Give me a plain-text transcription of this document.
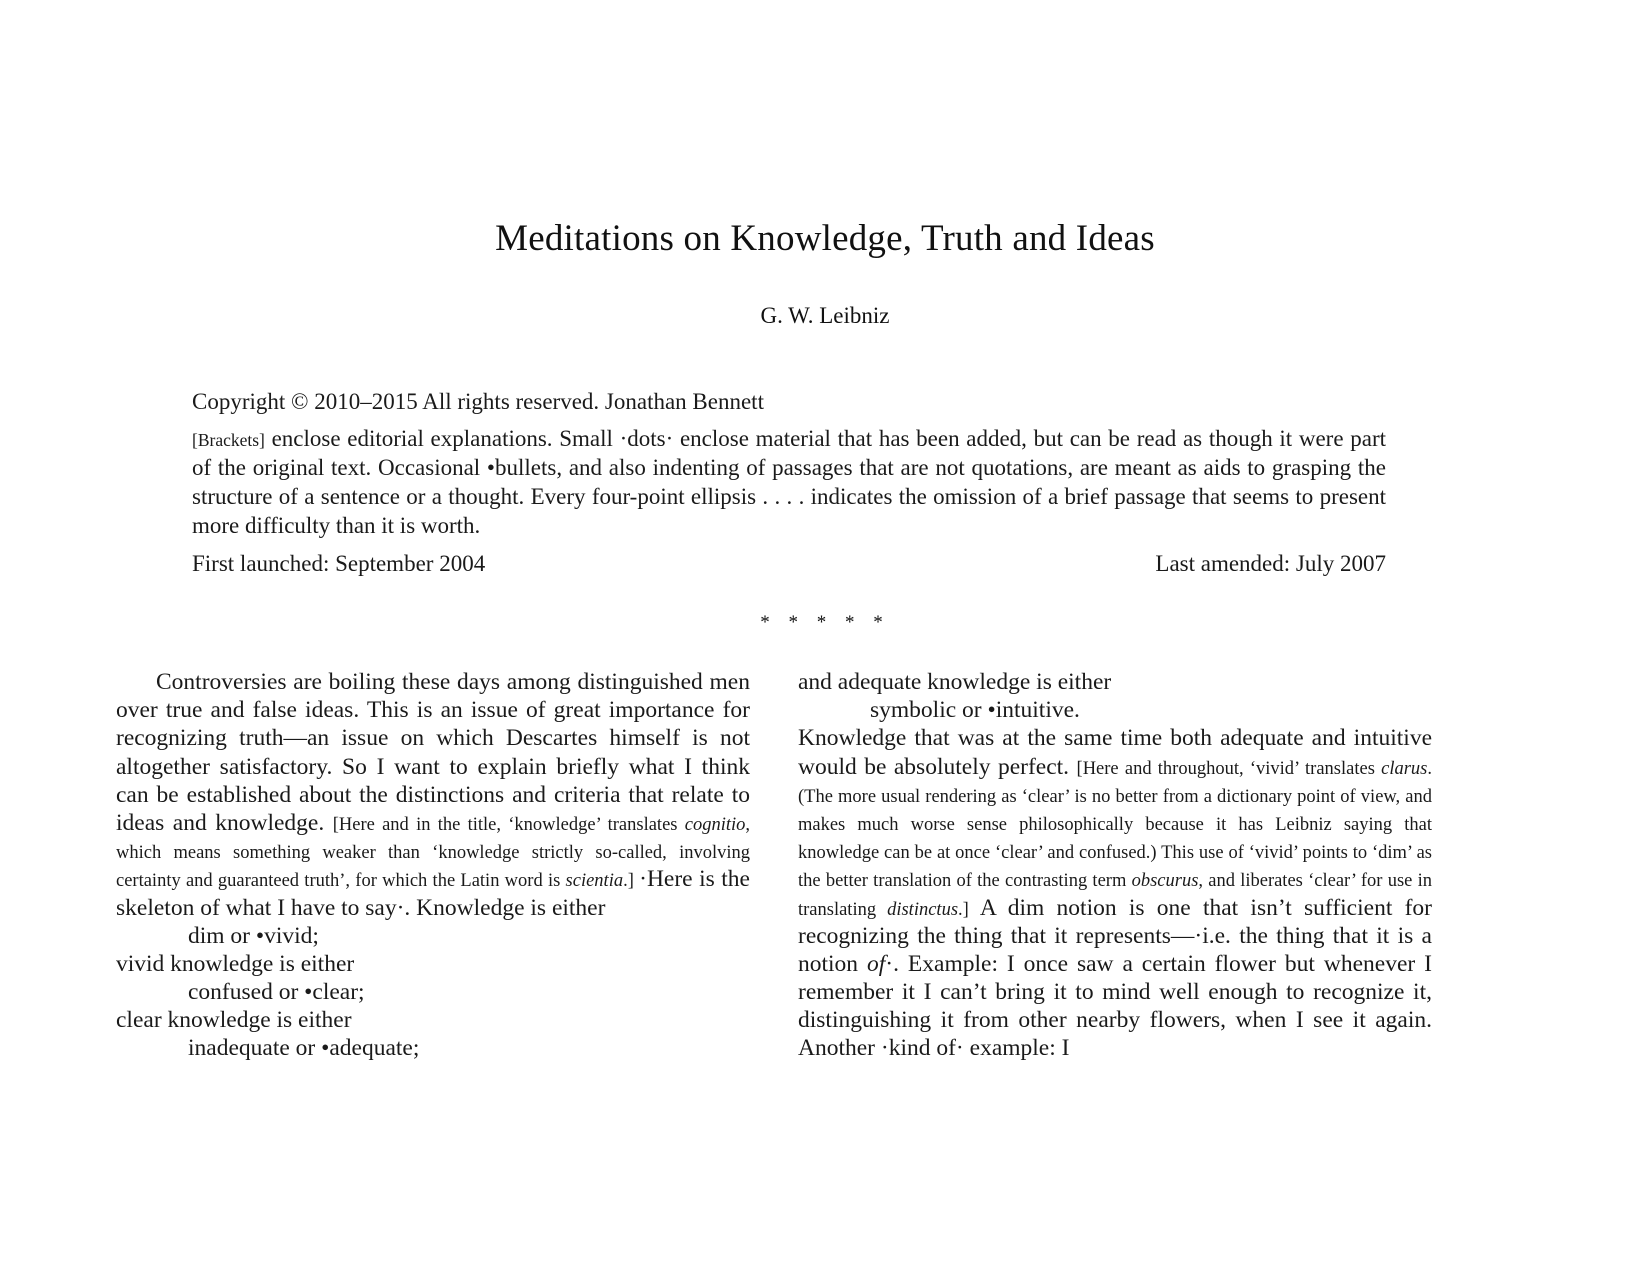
Meditations on Knowledge, Truth and Ideas
G. W. Leibniz
Copyright © 2010–2015 All rights reserved. Jonathan Bennett
[Brackets] enclose editorial explanations. Small ·dots· enclose material that has been added, but can be read as though it were part of the original text. Occasional •bullets, and also indenting of passages that are not quotations, are meant as aids to grasping the structure of a sentence or a thought. Every four-point ellipsis . . . . indicates the omission of a brief passage that seems to present more difficulty than it is worth.
First launched: September 2004	Last amended: July 2007
* * * * *

Controversies are boiling these days among distinguished men over true and false ideas. This is an issue of great importance for recognizing truth—an issue on which Descartes himself is not altogether satisfactory. So I want to explain briefly what I think can be established about the distinctions and criteria that relate to ideas and knowledge. [Here and in the title, ‘knowledge’ translates cognitio, which means something weaker than ‘knowledge strictly so-called, involving certainty and guaranteed truth’, for which the Latin word is scientia.] ·Here is the skeleton of what I have to say·. Knowledge is either

dim or •vivid;

vivid knowledge is either

confused or •clear;

clear knowledge is either

inadequate or •adequate;

and adequate knowledge is either

symbolic or •intuitive.

Knowledge that was at the same time both adequate and intuitive would be absolutely perfect. [Here and throughout, ‘vivid’ translates clarus. (The more usual rendering as ‘clear’ is no better from a dictionary point of view, and makes much worse sense philosophically because it has Leibniz saying that knowledge can be at once ‘clear’ and confused.) This use of ‘vivid’ points to ‘dim’ as the better translation of the contrasting term obscurus, and liberates ‘clear’ for use in translating distinctus.] A dim notion is one that isn’t sufficient for recognizing the thing that it represents—·i.e. the thing that it is a notion of·. Example: I once saw a certain flower but whenever I remember it I can’t bring it to mind well enough to recognize it, distinguishing it from other nearby flowers, when I see it again. Another ·kind of· example: I
